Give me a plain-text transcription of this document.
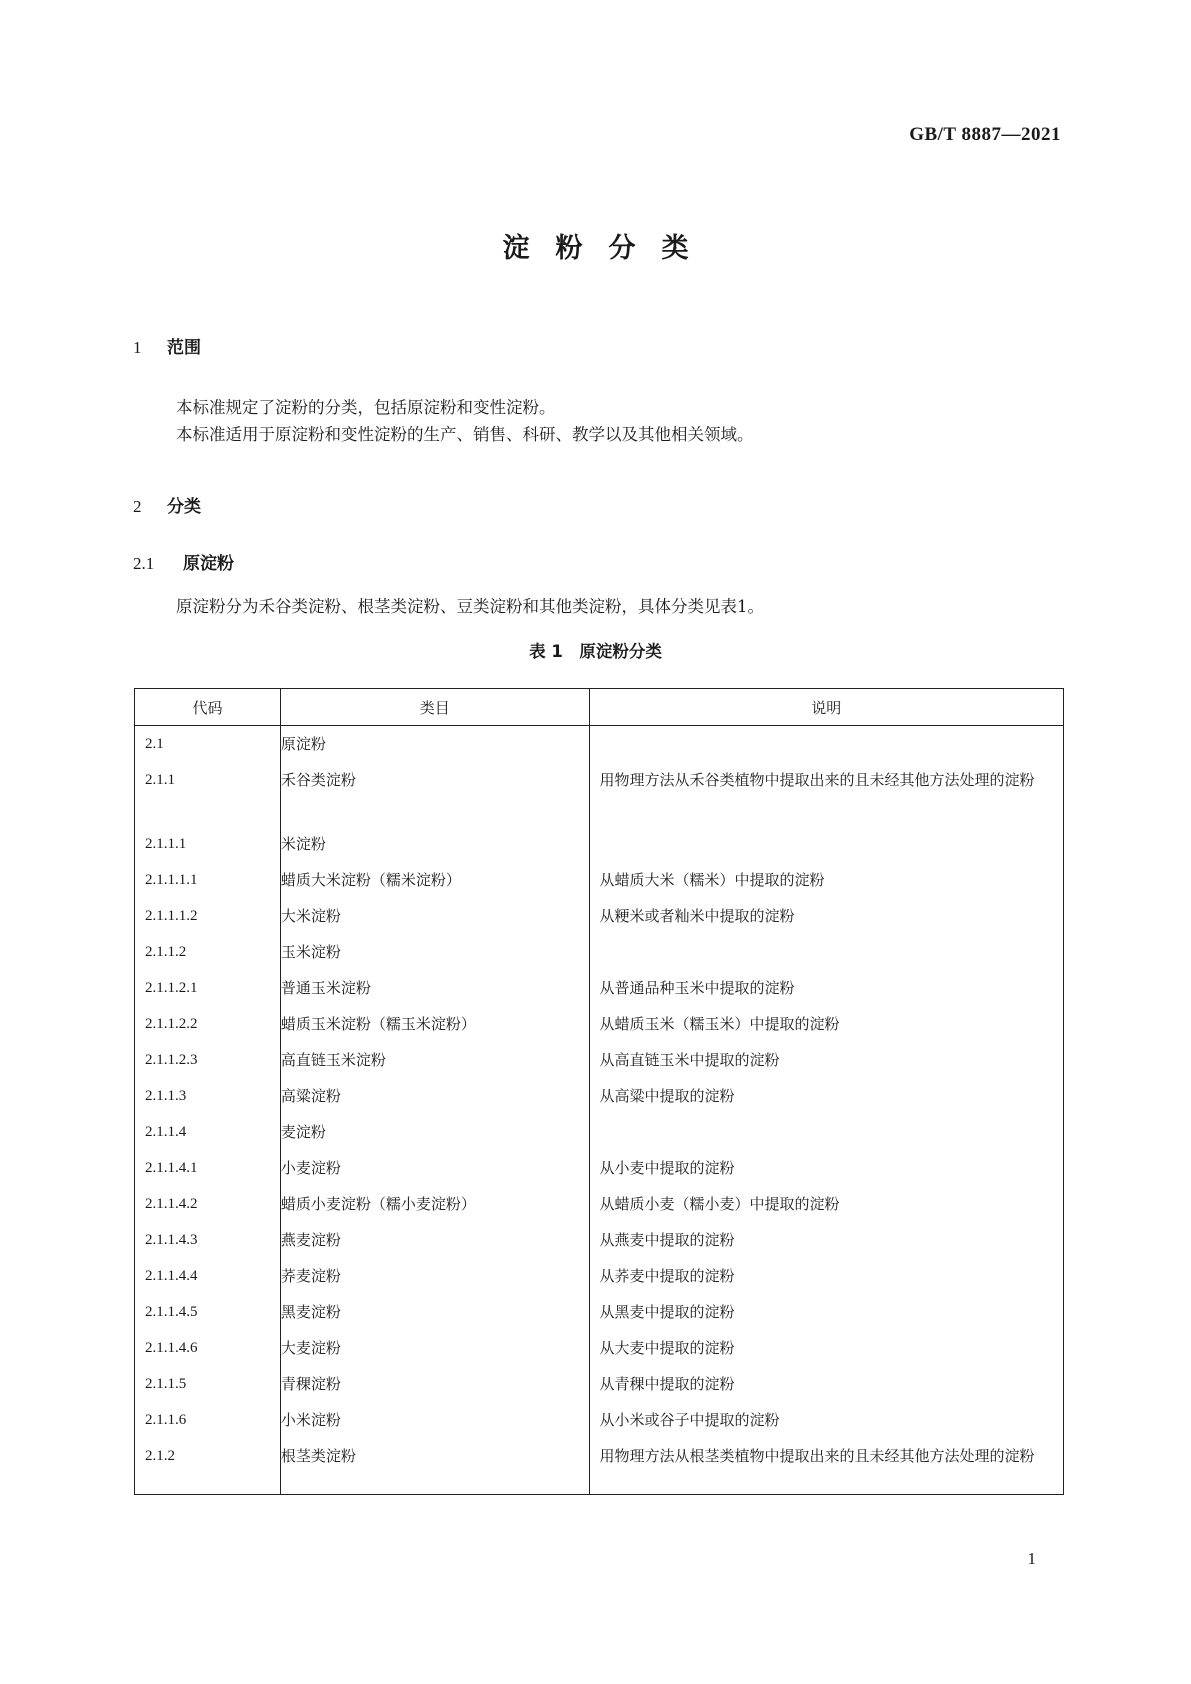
GB/T 8887—2021
淀粉分类
1 范围
本标准规定了淀粉的分类，包括原淀粉和变性淀粉。
本标准适用于原淀粉和变性淀粉的生产、销售、科研、教学以及其他相关领域。
2 分类
2.1 原淀粉
原淀粉分为禾谷类淀粉、根茎类淀粉、豆类淀粉和其他类淀粉，具体分类见表1。
表 1　原淀粉分类
代码	类目	说明
2.1	原淀粉	
2.1.1	禾谷类淀粉	用物理方法从禾谷类植物中提取出来的且未经其他方法处理的淀粉
2.1.1.1	米淀粉	
2.1.1.1.1	蜡质大米淀粉（糯米淀粉）	从蜡质大米（糯米）中提取的淀粉
2.1.1.1.2	大米淀粉	从粳米或者籼米中提取的淀粉
2.1.1.2	玉米淀粉	
2.1.1.2.1	普通玉米淀粉	从普通品种玉米中提取的淀粉
2.1.1.2.2	蜡质玉米淀粉（糯玉米淀粉）	从蜡质玉米（糯玉米）中提取的淀粉
2.1.1.2.3	高直链玉米淀粉	从高直链玉米中提取的淀粉
2.1.1.3	高粱淀粉	从高粱中提取的淀粉
2.1.1.4	麦淀粉	
2.1.1.4.1	小麦淀粉	从小麦中提取的淀粉
2.1.1.4.2	蜡质小麦淀粉（糯小麦淀粉）	从蜡质小麦（糯小麦）中提取的淀粉
2.1.1.4.3	燕麦淀粉	从燕麦中提取的淀粉
2.1.1.4.4	荞麦淀粉	从荞麦中提取的淀粉
2.1.1.4.5	黑麦淀粉	从黑麦中提取的淀粉
2.1.1.4.6	大麦淀粉	从大麦中提取的淀粉
2.1.1.5	青稞淀粉	从青稞中提取的淀粉
2.1.1.6	小米淀粉	从小米或谷子中提取的淀粉
2.1.2	根茎类淀粉	用物理方法从根茎类植物中提取出来的且未经其他方法处理的淀粉
1
